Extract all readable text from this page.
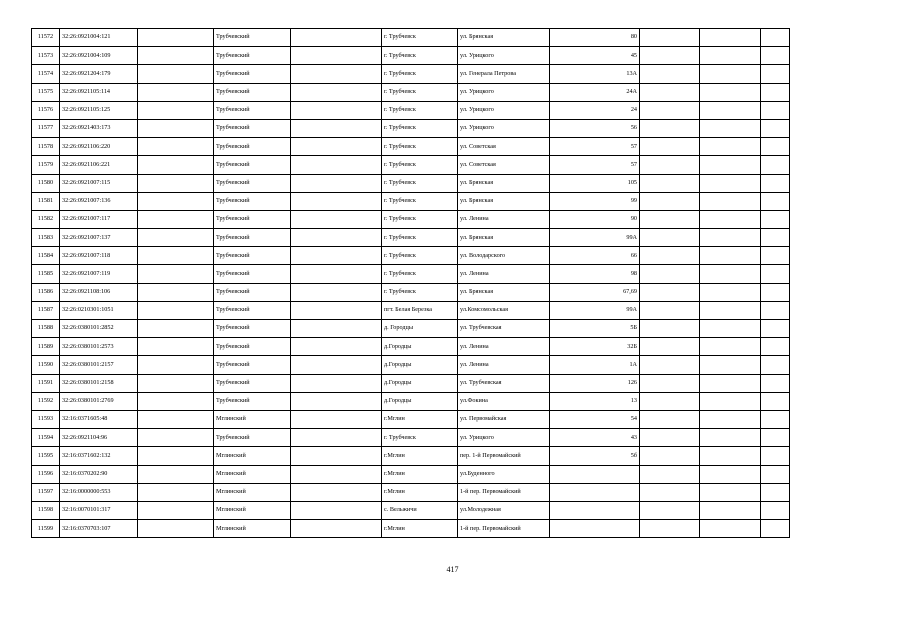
11572	32:26:0921004:121		Трубчевский		г. Трубчевск	ул. Брянская	80			
11573	32:26:0921004:109		Трубчевский		г. Трубчевск	ул. Урицкого	45			
11574	32:26:0921204:179		Трубчевский		г. Трубчевск	ул. Генерала Петрова	13А			
11575	32:26:0921105:114		Трубчевский		г. Трубчевск	ул. Урицкого	24А			
11576	32:26:0921105:125		Трубчевский		г. Трубчевск	ул. Урицкого	24			
11577	32:26:0921403:173		Трубчевский		г. Трубчевск	ул. Урицкого	56			
11578	32:26:0921106:220		Трубчевский		г. Трубчевск	ул. Советская	57			
11579	32:26:0921106:221		Трубчевский		г. Трубчевск	ул. Советская	57			
11580	32:26:0921007:115		Трубчевский		г. Трубчевск	ул. Брянская	105			
11581	32:26:0921007:136		Трубчевский		г. Трубчевск	ул. Брянская	99			
11582	32:26:0921007:117		Трубчевский		г. Трубчевск	ул. Ленина	90			
11583	32:26:0921007:137		Трубчевский		г. Трубчевск	ул. Брянская	99А			
11584	32:26:0921007:118		Трубчевский		г. Трубчевск	ул. Володарского	66			
11585	32:26:0921007:119		Трубчевский		г. Трубчевск	ул. Ленина	98			
11586	32:26:0921108:106		Трубчевский		г. Трубчевск	ул. Брянская	67,69			
11587	32:26:0210301:1051		Трубчевский		пгт. Белая Березка	ул.Комсомольская	99А			
11588	32:26:0380101:2852		Трубчевский		д. Городцы	ул. Трубчевская	5Б			
11589	32:26:0380101:2573		Трубчевский		д.Городцы	ул. Ленина	32Б			
11590	32:26:0380101:2157		Трубчевский		д.Городцы	ул. Ленина	1А			
11591	32:26:0380101:2158		Трубчевский		д.Городцы	ул. Трубчевская	126			
11592	32:26:0380101:2769		Трубчевский		д.Городцы	ул.Фокина	13			
11593	32:16:0371605:48		Мглинский		г.Мглин	ул. Первомайская	54			
11594	32:26:0921104:96		Трубчевский		г. Трубчевск	ул. Урицкого	43			
11595	32:16:0371602:132		Мглинский		г.Мглин	пер. 1-й Первомайский	5б			
11596	32:16:0370202:90		Мглинский		г.Мглин	ул.Буденного				
11597	32:16:0000000:553		Мглинский		г.Мглин	1-й пер. Первомайский				
11598	32:16:0070101:317		Мглинский		с. Вельжичи	ул.Молодежная				
11599	32:16:0370703:107		Мглинский		г.Мглин	1-й пер. Первомайский				
417
